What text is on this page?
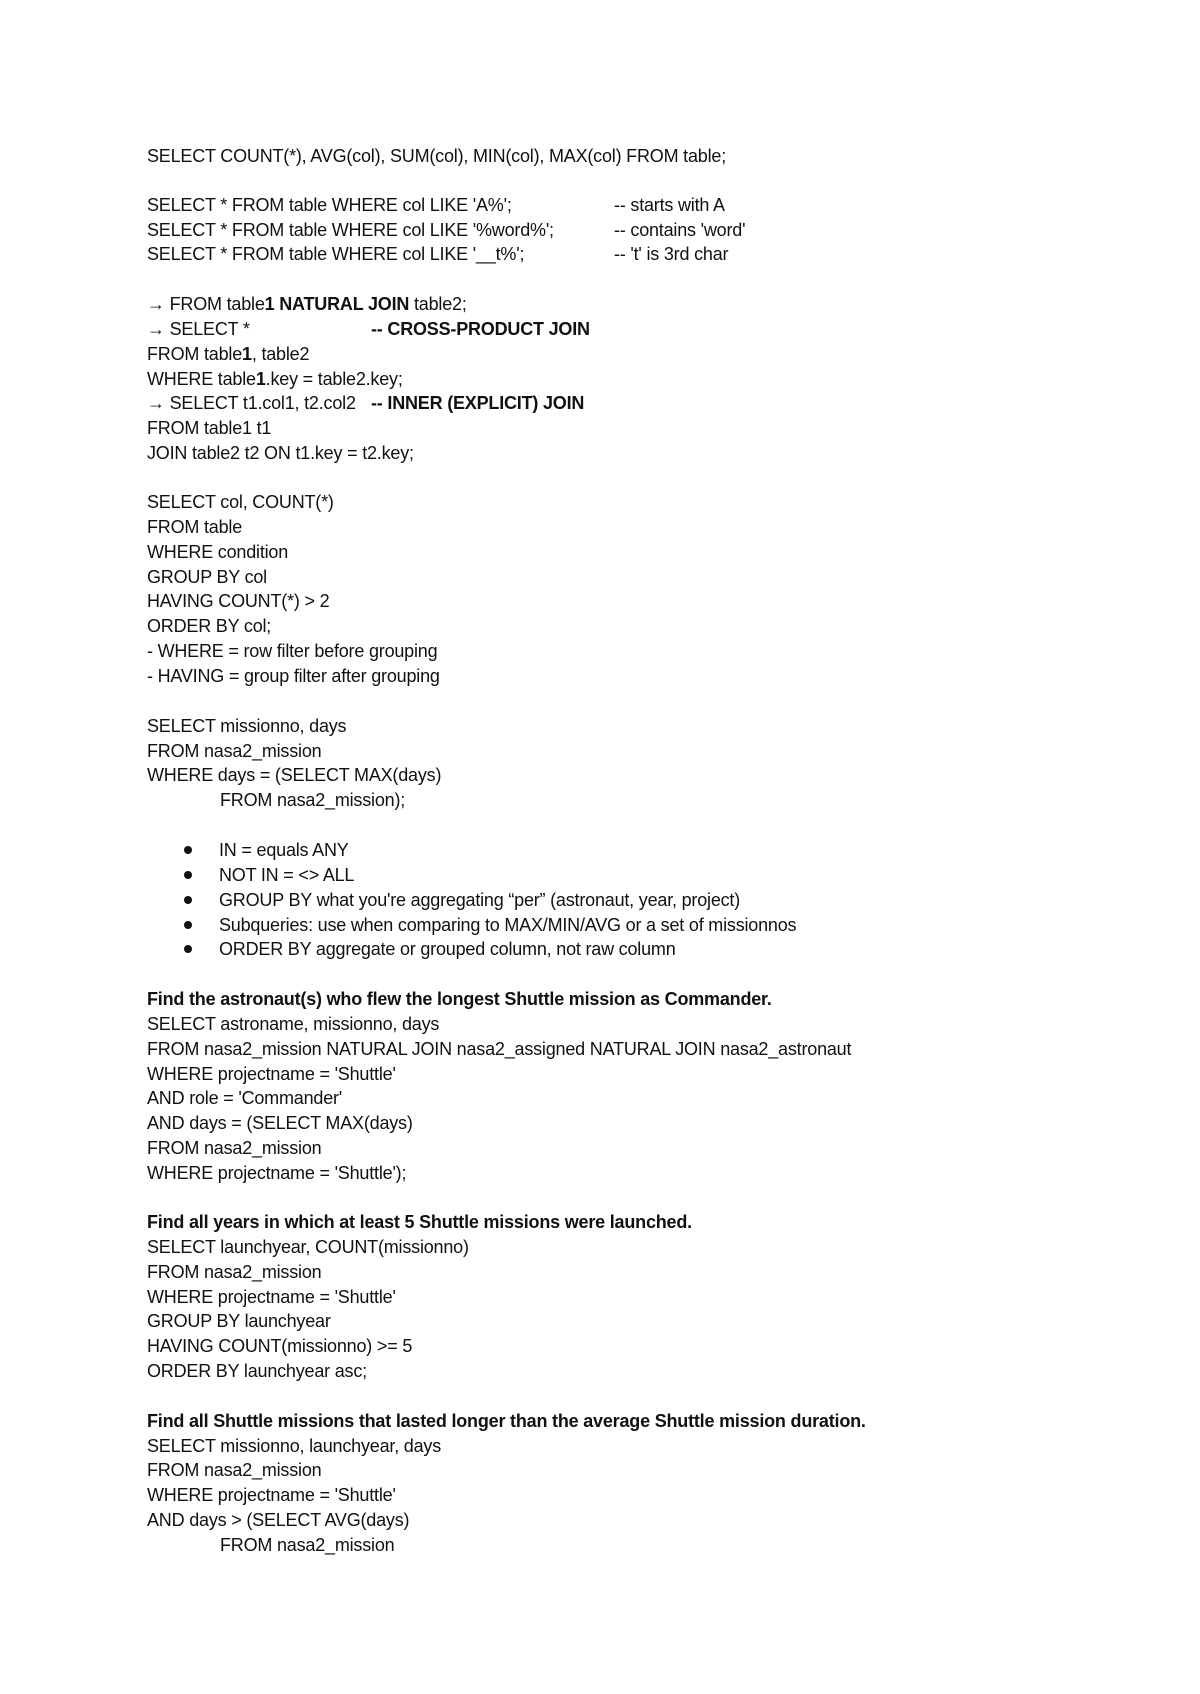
SELECT COUNT(*), AVG(col), SUM(col), MIN(col), MAX(col) FROM table;
SELECT * FROM table WHERE col LIKE 'A%';	-- starts with A
SELECT * FROM table WHERE col LIKE '%word%';	-- contains 'word'
SELECT * FROM table WHERE col LIKE '__t%';	-- 't' is 3rd char
→ FROM table1 NATURAL JOIN table2;
→ SELECT *	-- CROSS-PRODUCT JOIN
FROM table1, table2
WHERE table1.key = table2.key;
→ SELECT t1.col1, t2.col2 -- INNER (EXPLICIT) JOIN
FROM table1 t1
JOIN table2 t2 ON t1.key = t2.key;
SELECT col, COUNT(*)
FROM table
WHERE condition
GROUP BY col
HAVING COUNT(*) > 2
ORDER BY col;
- WHERE = row filter before grouping
- HAVING = group filter after grouping
SELECT missionno, days
FROM nasa2_mission
WHERE days = (SELECT MAX(days)
FROM nasa2_mission);
IN = equals ANY
NOT IN = <> ALL
GROUP BY what you're aggregating “per” (astronaut, year, project)
Subqueries: use when comparing to MAX/MIN/AVG or a set of missionnos
ORDER BY aggregate or grouped column, not raw column
Find the astronaut(s) who flew the longest Shuttle mission as Commander.
SELECT astroname, missionno, days
FROM nasa2_mission NATURAL JOIN nasa2_assigned NATURAL JOIN nasa2_astronaut
WHERE projectname = 'Shuttle'
AND role = 'Commander'
AND days = (SELECT MAX(days)
FROM nasa2_mission
WHERE projectname = 'Shuttle');
Find all years in which at least 5 Shuttle missions were launched.
SELECT launchyear, COUNT(missionno)
FROM nasa2_mission
WHERE projectname = 'Shuttle'
GROUP BY launchyear
HAVING COUNT(missionno) >= 5
ORDER BY launchyear asc;
Find all Shuttle missions that lasted longer than the average Shuttle mission duration.
SELECT missionno, launchyear, days
FROM nasa2_mission
WHERE projectname = 'Shuttle'
AND days > (SELECT AVG(days)
FROM nasa2_mission
